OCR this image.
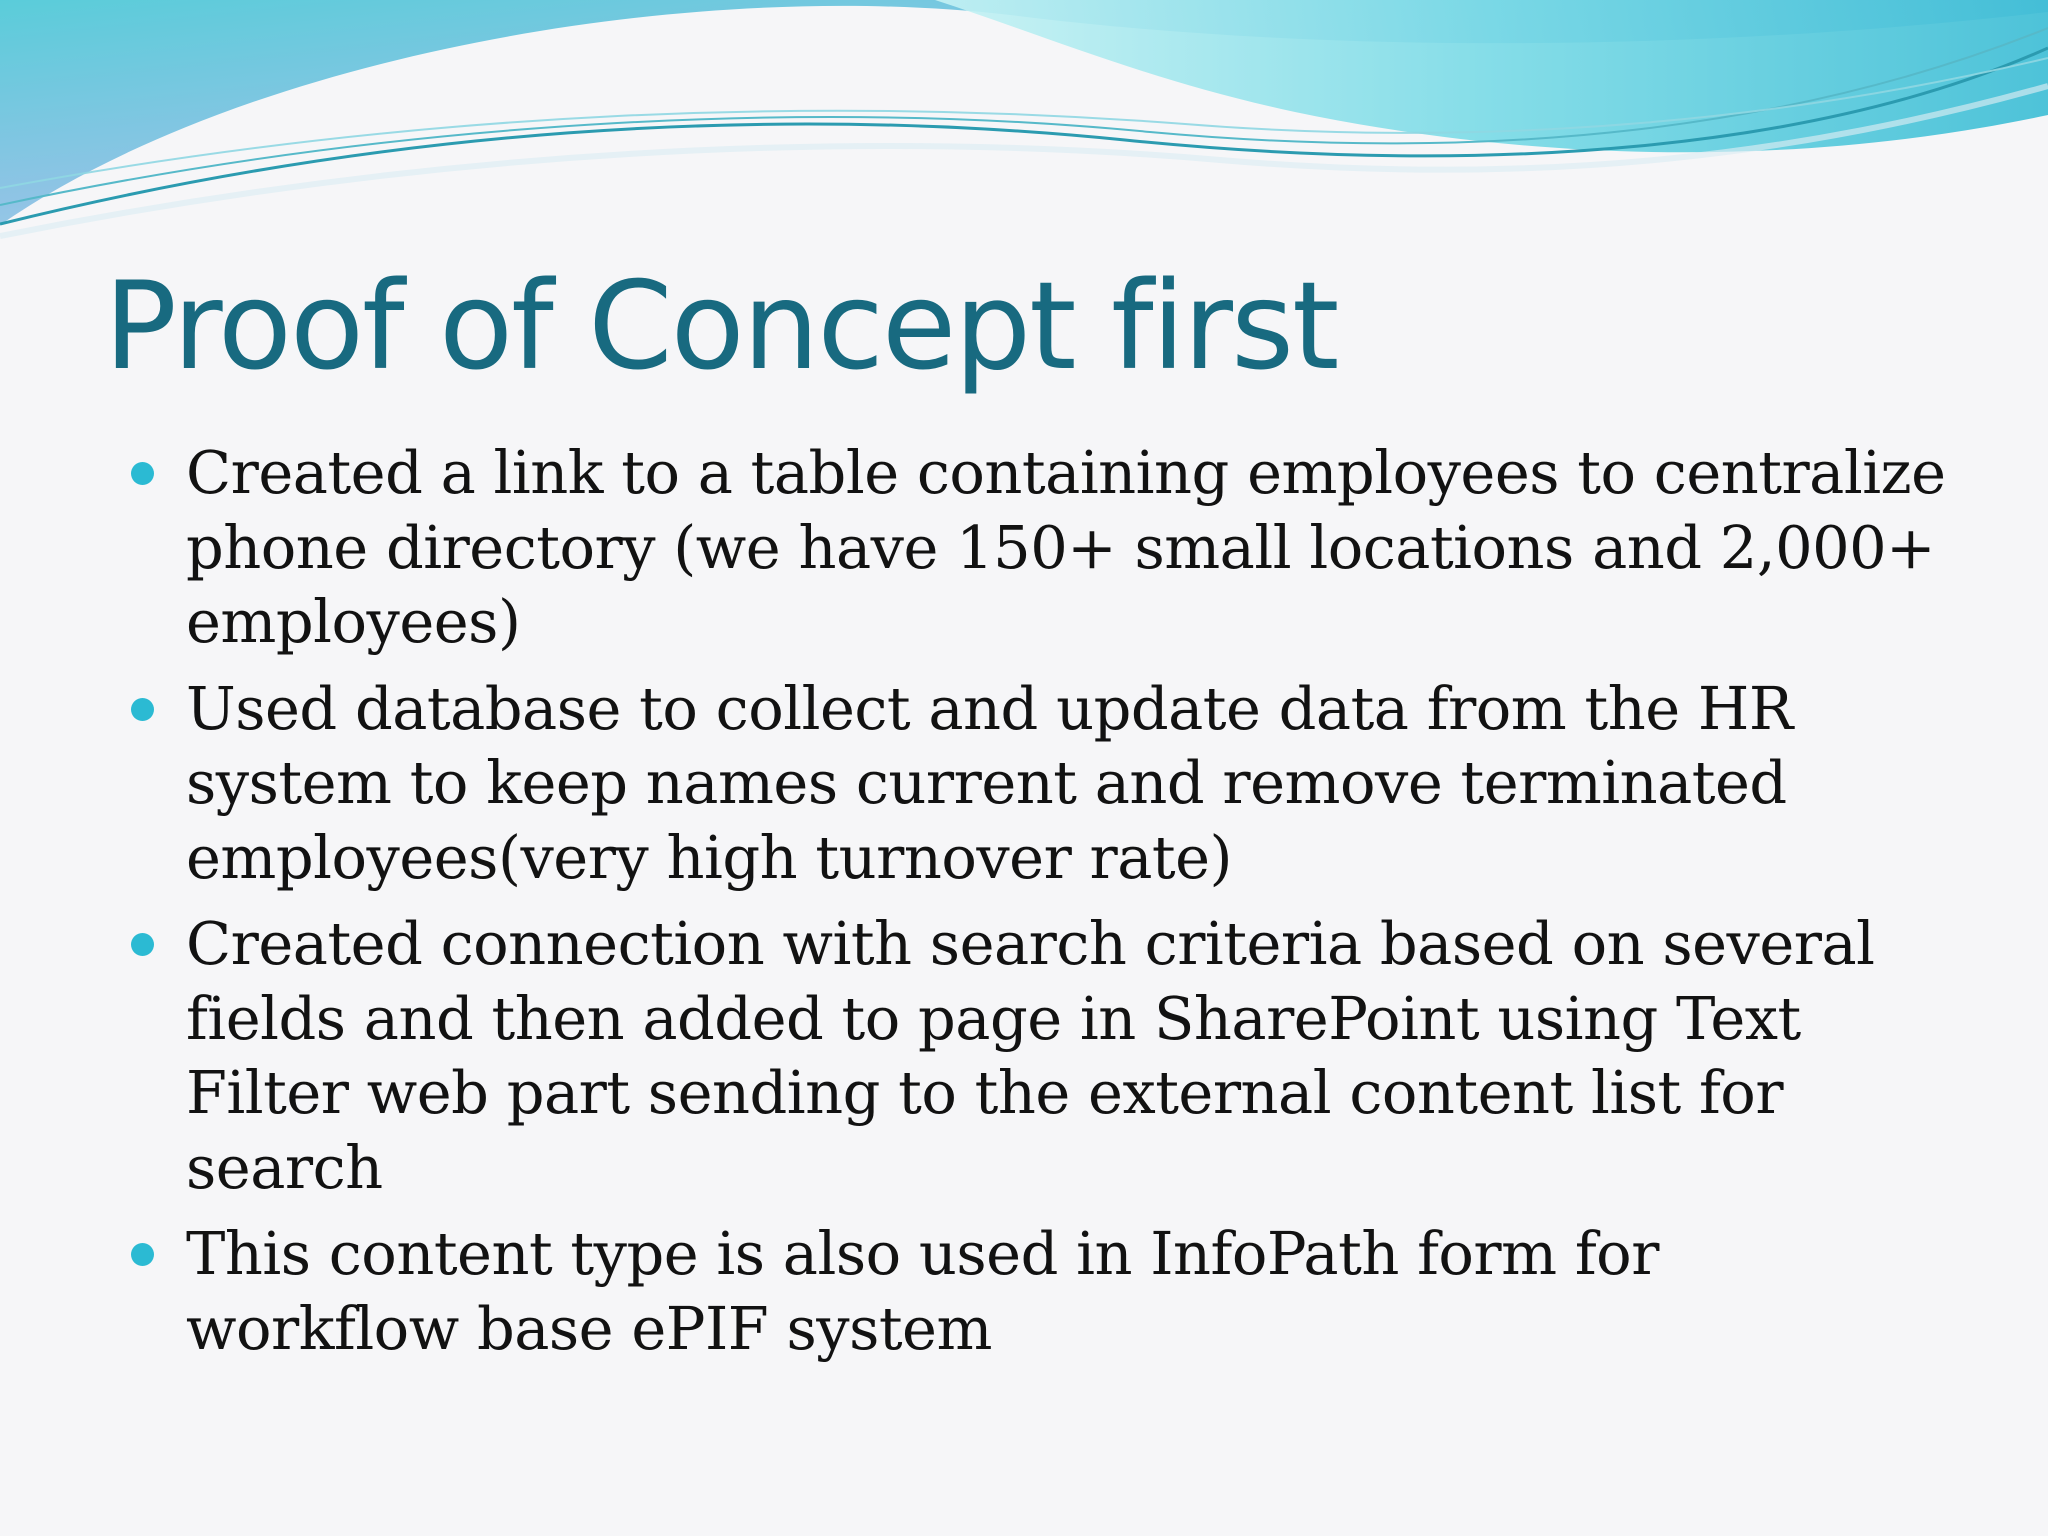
Proof of Concept first
Created a link to a table containing employees to centralize
phone directory (we have 150+ small locations and 2,000+
employees)
Used database to collect and update data from the HR
system to keep names current and remove terminated
employees(very high turnover rate)
Created connection with search criteria based on several
fields and then added to page in SharePoint using Text
Filter web part sending to the external content list for
search
This content type is also used in InfoPath form for
workflow base ePIF system
